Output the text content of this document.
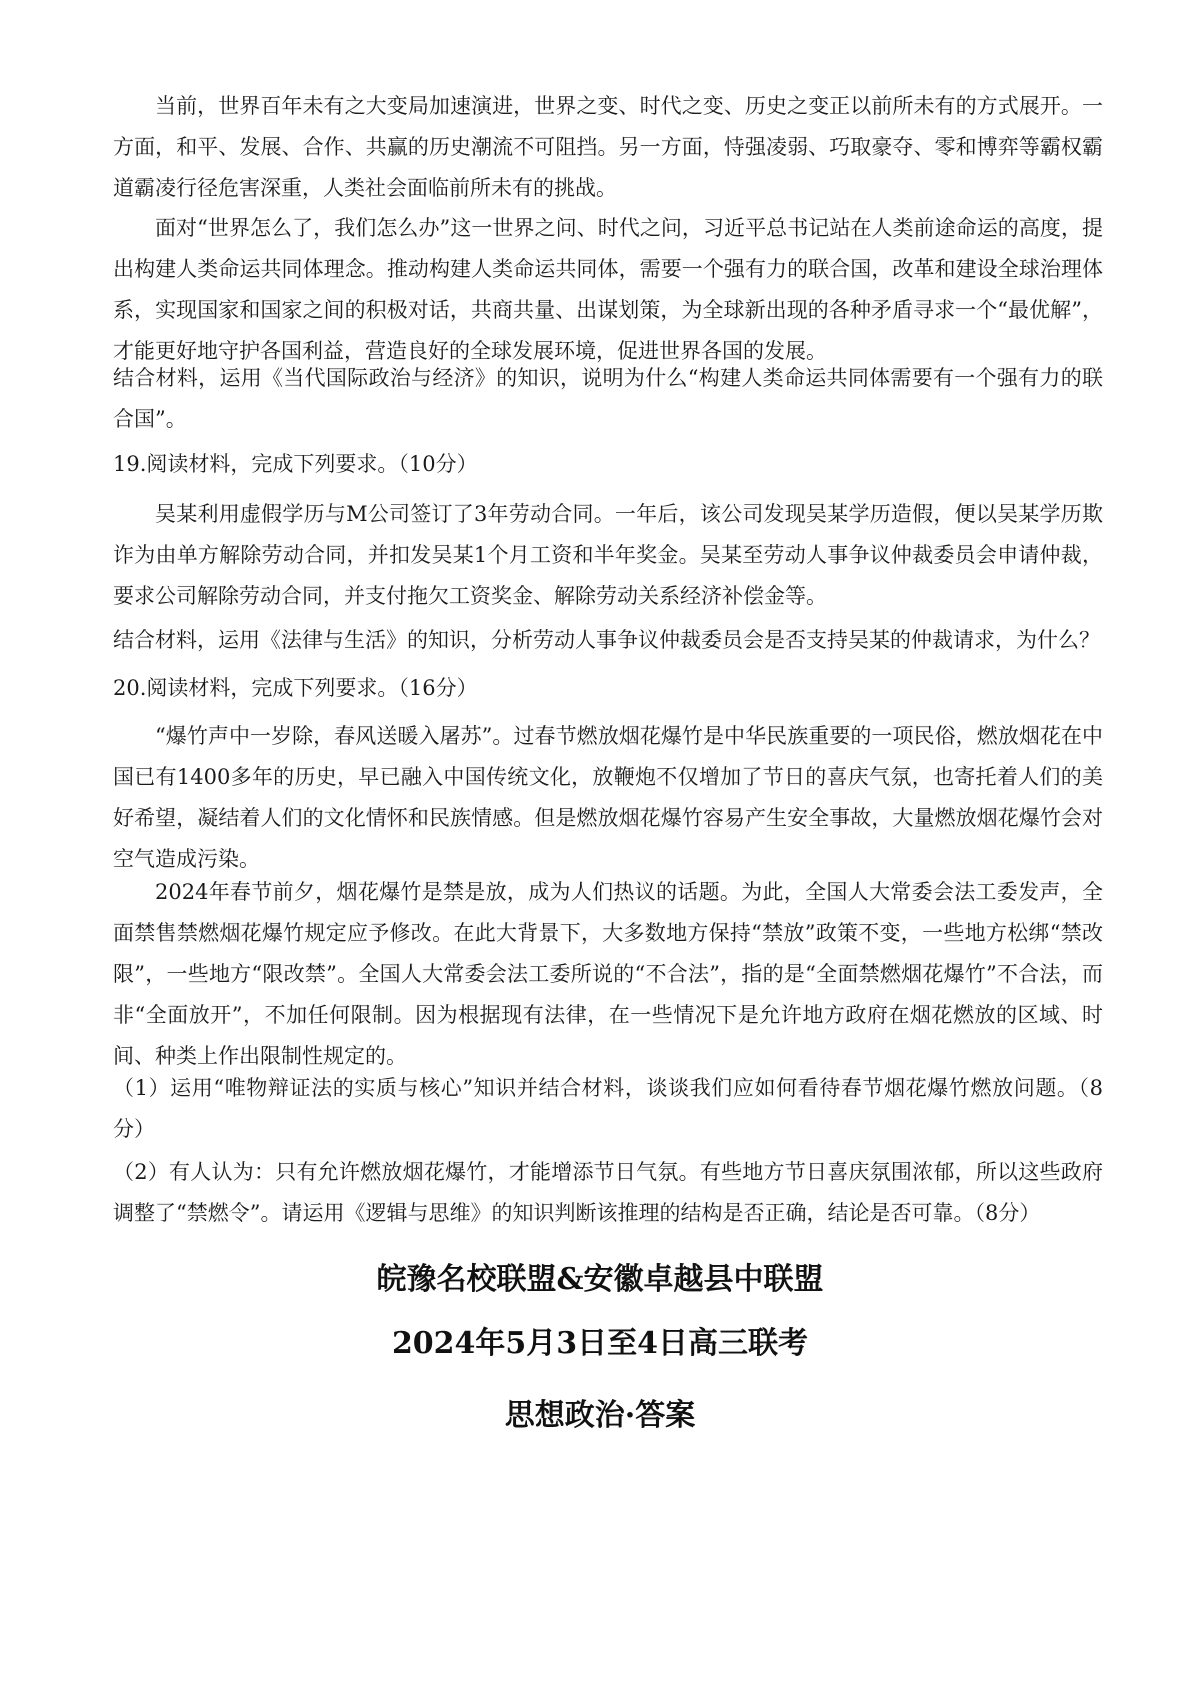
当前，世界百年未有之大变局加速演进，世界之变、时代之变、历史之变正以前所未有的方式展开。一方面，和平、发展、合作、共赢的历史潮流不可阻挡。另一方面，恃强凌弱、巧取豪夺、零和博弈等霸权霸道霸凌行径危害深重，人类社会面临前所未有的挑战。

面对“世界怎么了，我们怎么办”这一世界之问、时代之问，习近平总书记站在人类前途命运的高度，提出构建人类命运共同体理念。推动构建人类命运共同体，需要一个强有力的联合国，改革和建设全球治理体系，实现国家和国家之间的积极对话，共商共量、出谋划策，为全球新出现的各种矛盾寻求一个“最优解”，才能更好地守护各国利益，营造良好的全球发展环境，促进世界各国的发展。

结合材料，运用《当代国际政治与经济》的知识，说明为什么“构建人类命运共同体需要有一个强有力的联合国”。

19.阅读材料，完成下列要求。（10分）

吴某利用虚假学历与M公司签订了3年劳动合同。一年后，该公司发现吴某学历造假，便以吴某学历欺诈为由单方解除劳动合同，并扣发吴某1个月工资和半年奖金。吴某至劳动人事争议仲裁委员会申请仲裁，要求公司解除劳动合同，并支付拖欠工资奖金、解除劳动关系经济补偿金等。

结合材料，运用《法律与生活》的知识，分析劳动人事争议仲裁委员会是否支持吴某的仲裁请求，为什么？

20.阅读材料，完成下列要求。（16分）

“爆竹声中一岁除，春风送暖入屠苏”。过春节燃放烟花爆竹是中华民族重要的一项民俗，燃放烟花在中国已有1400多年的历史，早已融入中国传统文化，放鞭炮不仅增加了节日的喜庆气氛，也寄托着人们的美好希望，凝结着人们的文化情怀和民族情感。但是燃放烟花爆竹容易产生安全事故，大量燃放烟花爆竹会对空气造成污染。

2024年春节前夕，烟花爆竹是禁是放，成为人们热议的话题。为此，全国人大常委会法工委发声，全面禁售禁燃烟花爆竹规定应予修改。在此大背景下，大多数地方保持“禁放”政策不变，一些地方松绑“禁改限”，一些地方“限改禁”。全国人大常委会法工委所说的“不合法”，指的是“全面禁燃烟花爆竹”不合法，而非“全面放开”，不加任何限制。因为根据现有法律，在一些情况下是允许地方政府在烟花燃放的区域、时间、种类上作出限制性规定的。

（1）运用“唯物辩证法的实质与核心”知识并结合材料，谈谈我们应如何看待春节烟花爆竹燃放问题。（8分）

（2）有人认为：只有允许燃放烟花爆竹，才能增添节日气氛。有些地方节日喜庆氛围浓郁，所以这些政府调整了“禁燃令”。请运用《逻辑与思维》的知识判断该推理的结构是否正确，结论是否可靠。（8分）

皖豫名校联盟&安徽卓越县中联盟
2024年5月3日至4日高三联考
思想政治·答案
